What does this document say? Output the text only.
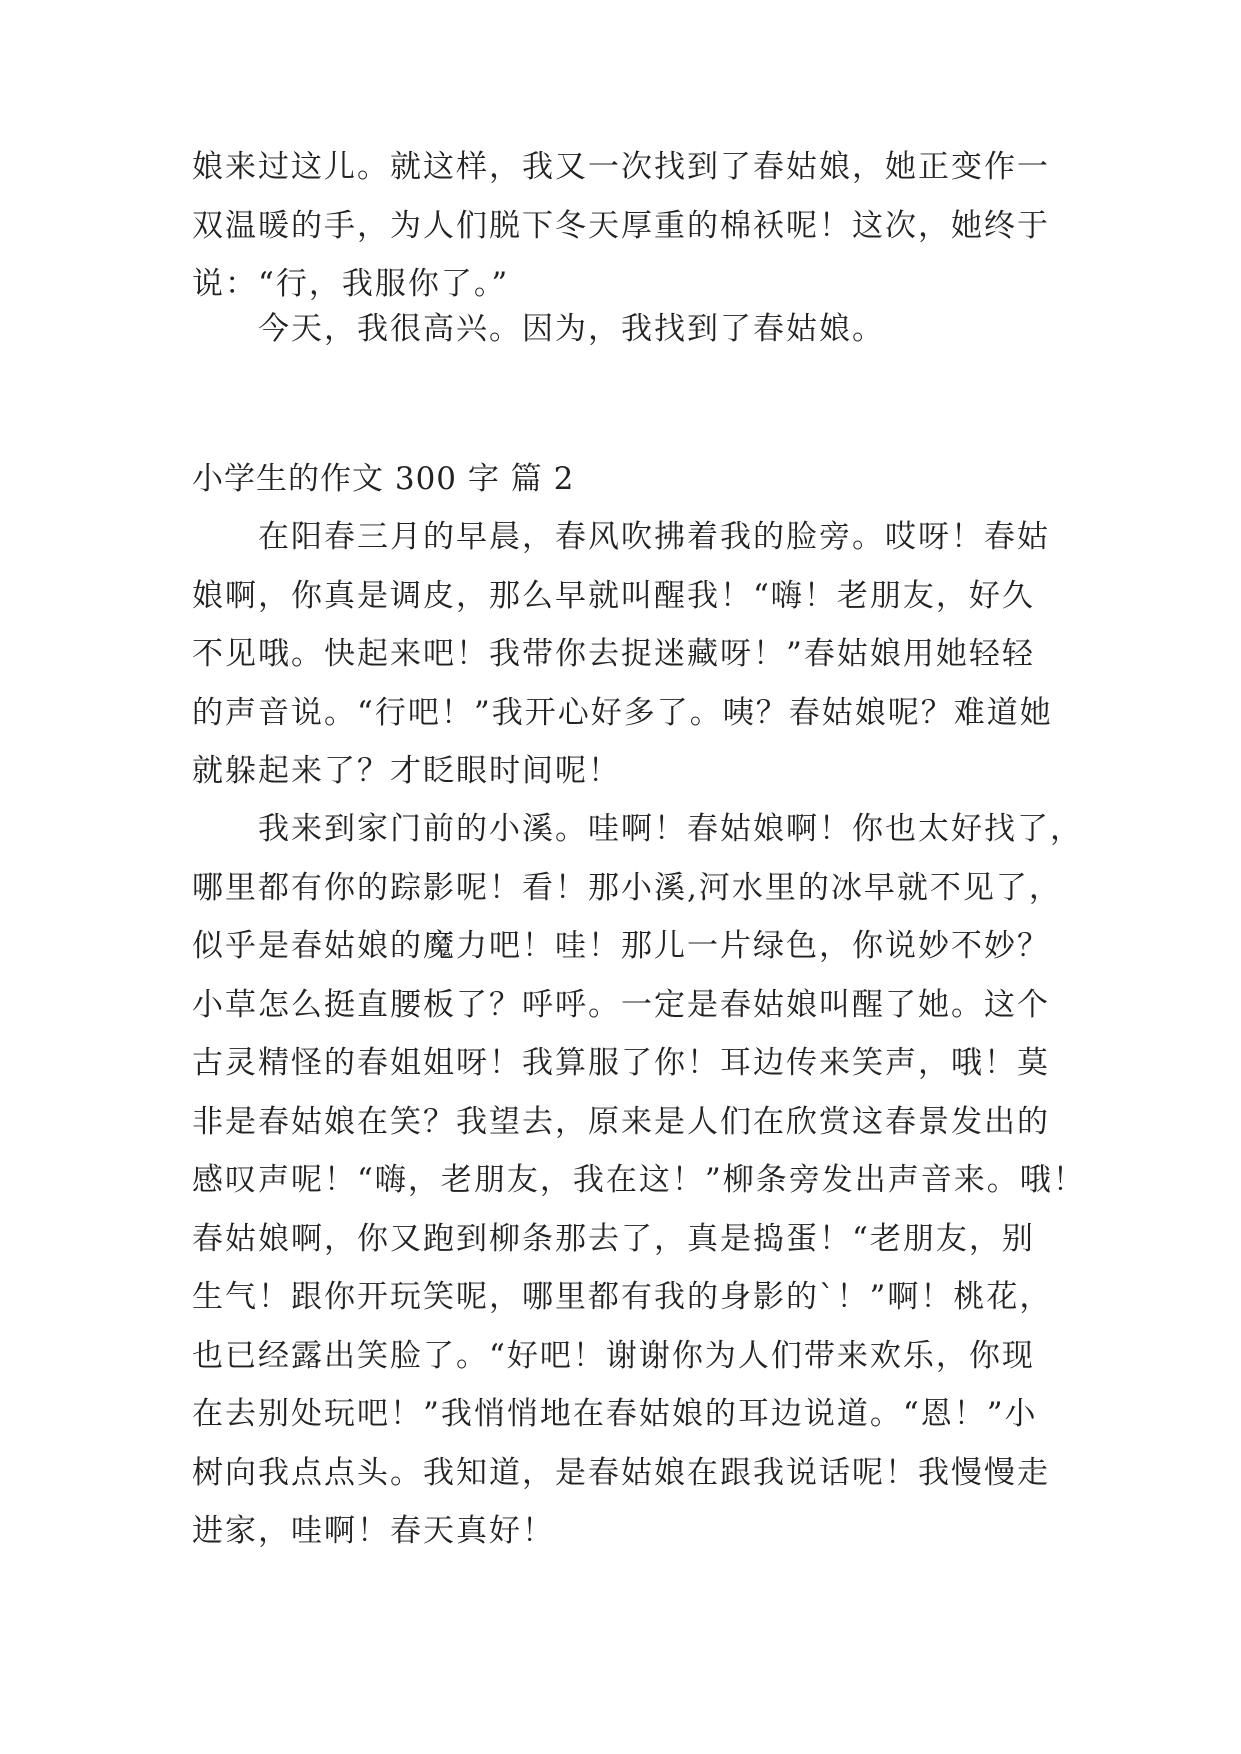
娘来过这儿。就这样，我又一次找到了春姑娘，她正变作一
双温暖的手，为人们脱下冬天厚重的棉袄呢！这次，她终于
说：“行，我服你了。”
今天，我很高兴。因为，我找到了春姑娘。
小学生的作文 300 字 篇 2
在阳春三月的早晨，春风吹拂着我的脸旁。哎呀！春姑
娘啊，你真是调皮，那么早就叫醒我！“嗨！老朋友，好久
不见哦。快起来吧！我带你去捉迷藏呀！”春姑娘用她轻轻
的声音说。“行吧！”我开心好多了。咦？春姑娘呢？难道她
就躲起来了？才眨眼时间呢！
我来到家门前的小溪。哇啊！春姑娘啊！你也太好找了，
哪里都有你的踪影呢！看！那小溪,河水里的冰早就不见了，
似乎是春姑娘的魔力吧！哇！那儿一片绿色，你说妙不妙？
小草怎么挺直腰板了？呼呼。一定是春姑娘叫醒了她。这个
古灵精怪的春姐姐呀！我算服了你！耳边传来笑声，哦！莫
非是春姑娘在笑？我望去，原来是人们在欣赏这春景发出的
感叹声呢！“嗨，老朋友，我在这！”柳条旁发出声音来。哦！
春姑娘啊，你又跑到柳条那去了，真是捣蛋！“老朋友，别
生气！跟你开玩笑呢，哪里都有我的身影的`！”啊！桃花，
也已经露出笑脸了。“好吧！谢谢你为人们带来欢乐，你现
在去别处玩吧！”我悄悄地在春姑娘的耳边说道。“恩！”小
树向我点点头。我知道，是春姑娘在跟我说话呢！我慢慢走
进家，哇啊！春天真好！
